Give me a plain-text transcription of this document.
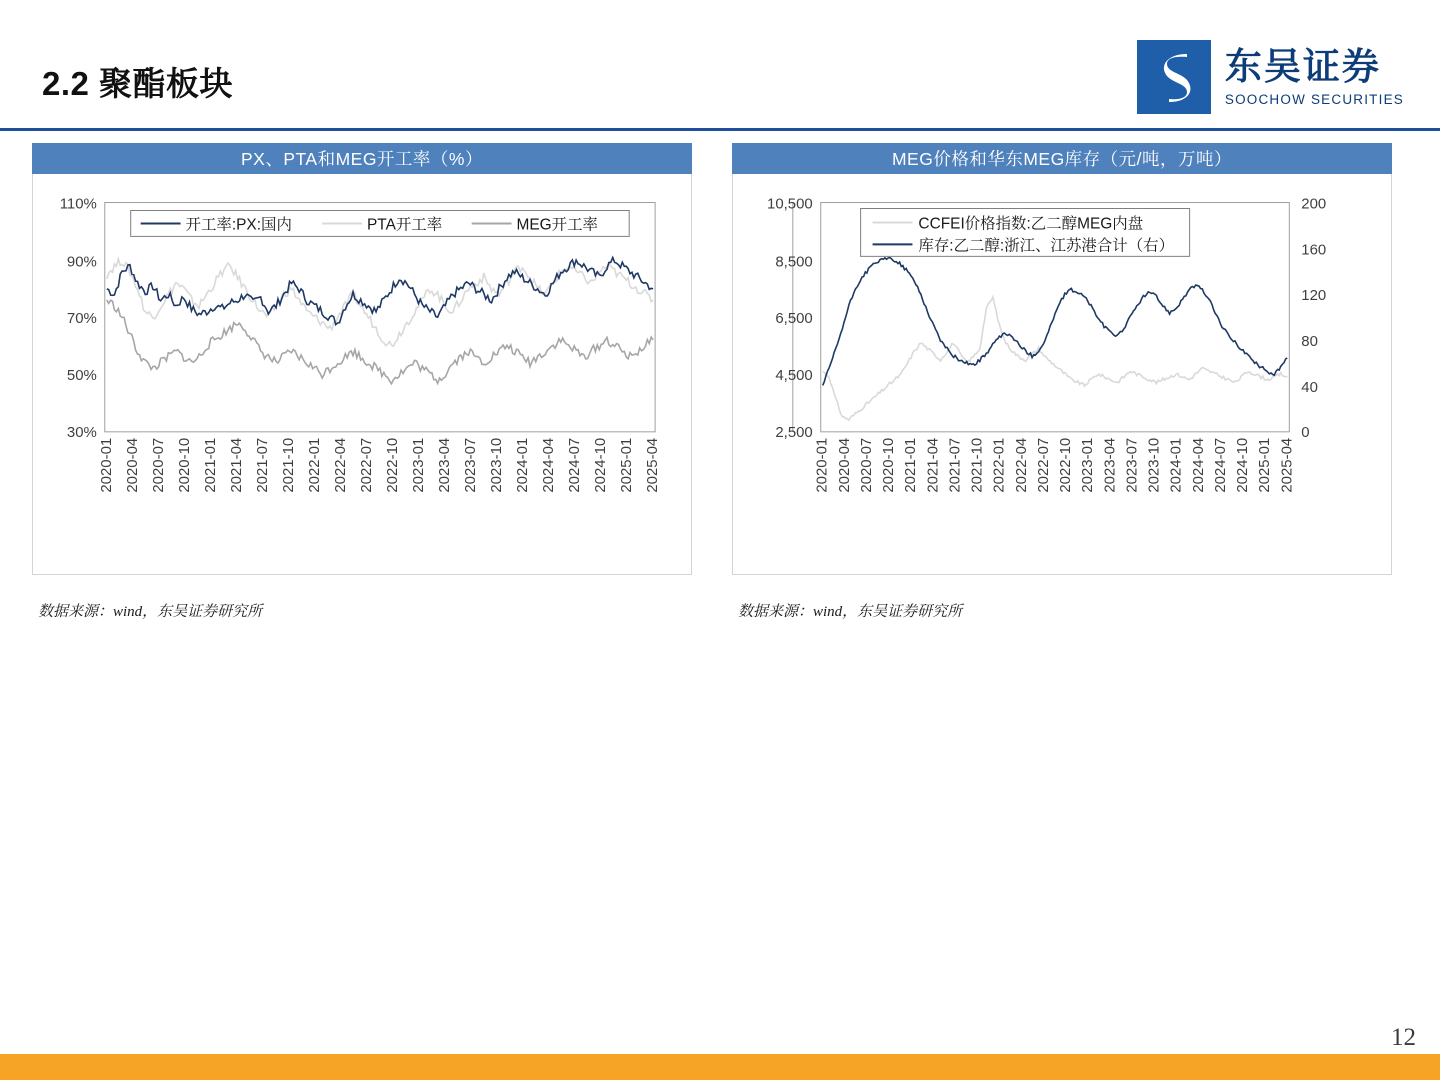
2.2 聚酯板块	东吴证券
SOOCHOW SECURITIES
PX、PTA和MEG开工率（%）
110%
90%
70%
50%
30%
开工率:PX:国内	PTA开工率	MEG开工率
2020-01 2020-04 2020-07 2020-10 2021-01 2021-04 2021-07 2021-10 2022-01 2022-04 2022-07 2022-10 2023-01 2023-04 2023-07 2023-10 2024-01 2024-04 2024-07 2024-10 2025-01 2025-04
数据来源：wind，东吴证券研究所
MEG价格和华东MEG库存（元/吨，万吨）
10,500
8,500
6,500
4,500
2,500
200
160
120
80
40
0
CCFEI价格指数:乙二醇MEG内盘
库存:乙二醇:浙江、江苏港合计（右）
2020-01 2020-04 2020-07 2020-10 2021-01 2021-04 2021-07 2021-10 2022-01 2022-04 2022-07 2022-10 2023-01 2023-04 2023-07 2023-10 2024-01 2024-04 2024-07 2024-10 2025-01 2025-04
数据来源：wind，东吴证券研究所
12
